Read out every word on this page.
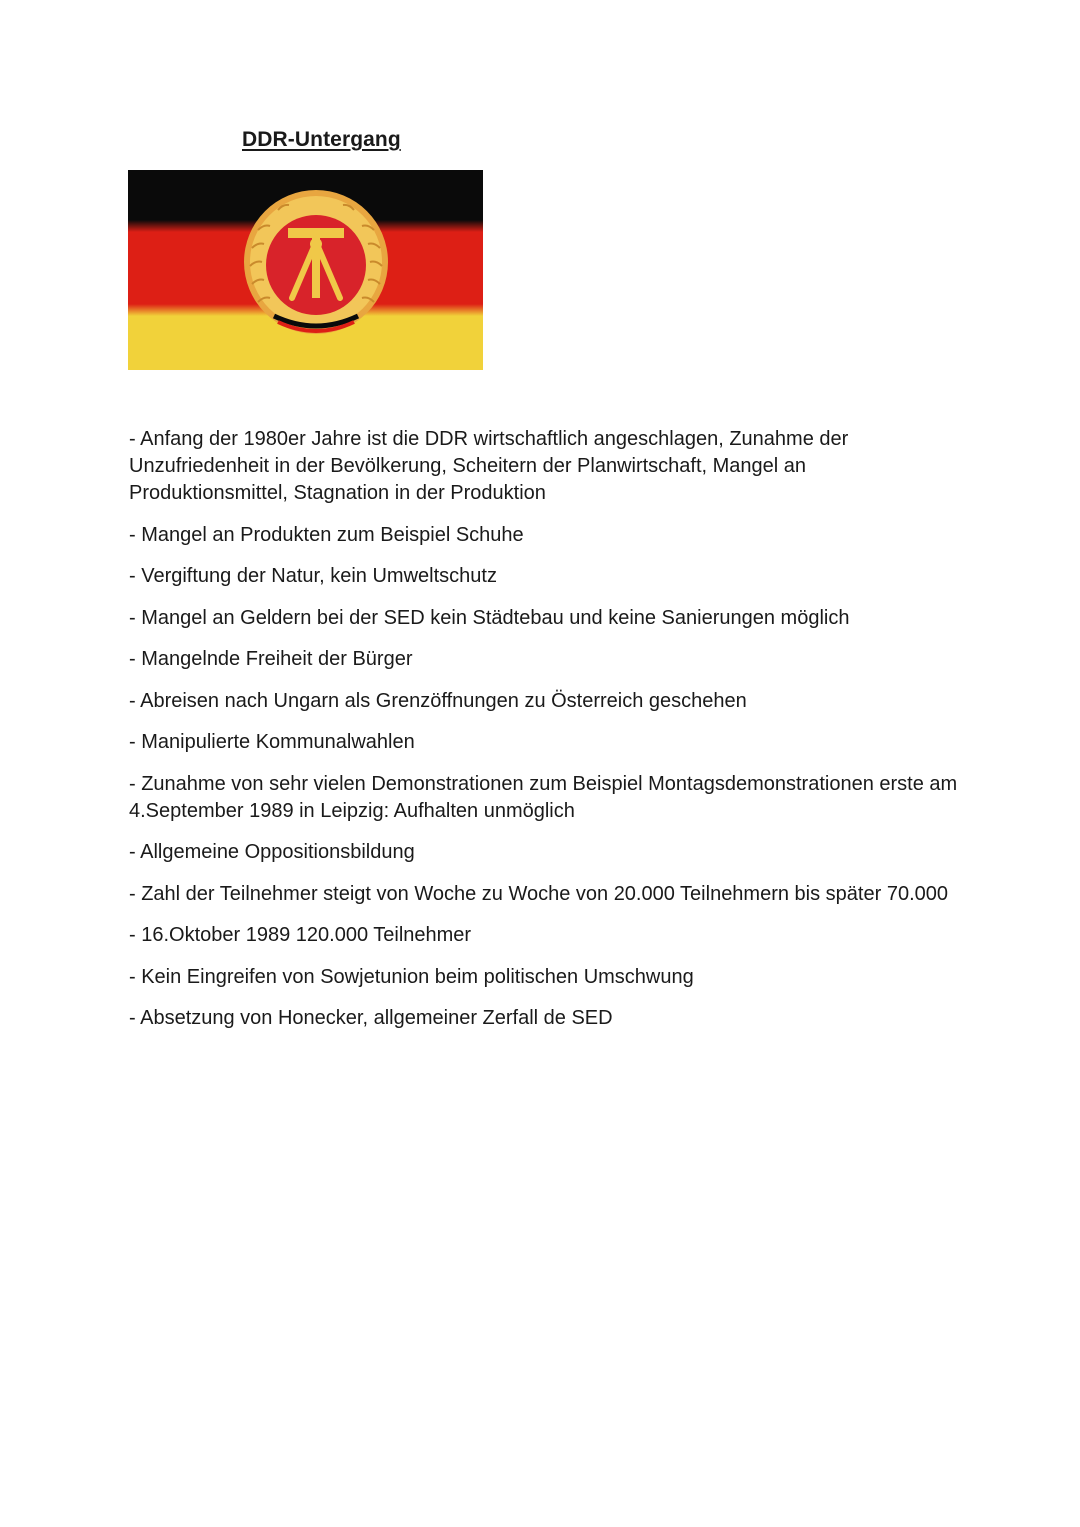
DDR-Untergang
- Anfang der 1980er Jahre ist die DDR wirtschaftlich angeschlagen, Zunahme der Unzufriedenheit in der Bevölkerung, Scheitern der Planwirtschaft, Mangel an Produktionsmittel, Stagnation in der Produktion
- Mangel an Produkten zum Beispiel Schuhe
- Vergiftung der Natur, kein Umweltschutz
- Mangel an Geldern bei der SED kein Städtebau und keine Sanierungen möglich
- Mangelnde Freiheit der Bürger
- Abreisen nach Ungarn als Grenzöffnungen zu Österreich geschehen
- Manipulierte Kommunalwahlen
- Zunahme von sehr vielen Demonstrationen zum Beispiel Montagsdemonstrationen erste am 4.September 1989 in Leipzig: Aufhalten unmöglich
- Allgemeine Oppositionsbildung
- Zahl der Teilnehmer steigt von Woche zu Woche von 20.000 Teilnehmern bis später 70.000
- 16.Oktober 1989 120.000 Teilnehmer
- Kein Eingreifen von Sowjetunion beim politischen Umschwung
- Absetzung von Honecker, allgemeiner Zerfall de SED
